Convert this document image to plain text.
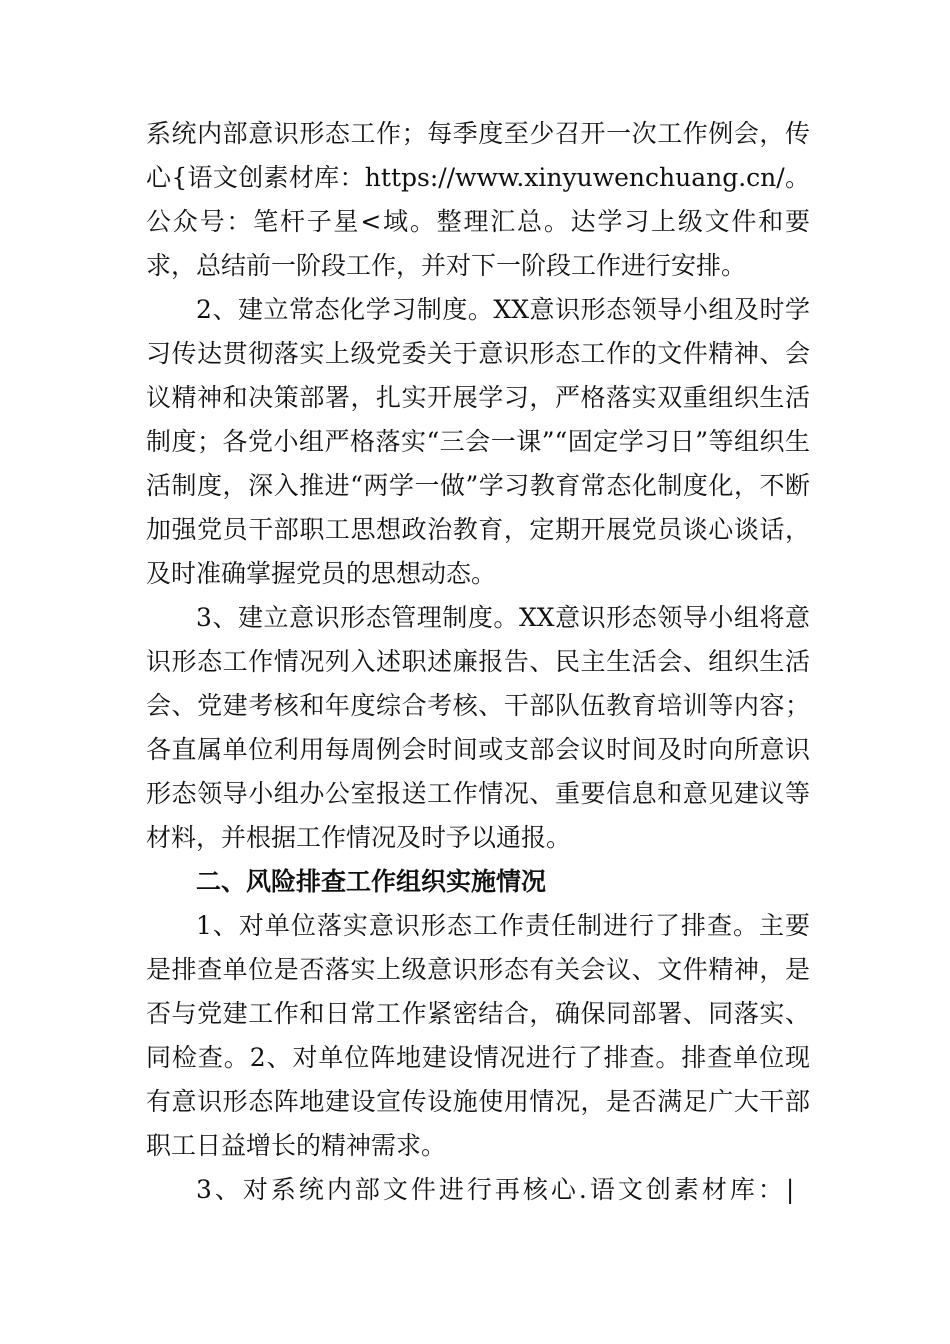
系统内部意识形态工作；每季度至少召开一次工作例会，传心{语文创素材库：https://www.xinyuwenchuang.cn/。公众号：笔杆子星<域。整理汇总。达学习上级文件和要求，总结前一阶段工作，并对下一阶段工作进行安排。

2、建立常态化学习制度。XX意识形态领导小组及时学习传达贯彻落实上级党委关于意识形态工作的文件精神、会议精神和决策部署，扎实开展学习，严格落实双重组织生活制度；各党小组严格落实“三会一课”“固定学习日”等组织生活制度，深入推进“两学一做”学习教育常态化制度化，不断加强党员干部职工思想政治教育，定期开展党员谈心谈话，及时准确掌握党员的思想动态。

3、建立意识形态管理制度。XX意识形态领导小组将意识形态工作情况列入述职述廉报告、民主生活会、组织生活会、党建考核和年度综合考核、干部队伍教育培训等内容；各直属单位利用每周例会时间或支部会议时间及时向所意识形态领导小组办公室报送工作情况、重要信息和意见建议等材料，并根据工作情况及时予以通报。

二、风险排查工作组织实施情况

1、对单位落实意识形态工作责任制进行了排查。主要是排查单位是否落实上级意识形态有关会议、文件精神，是否与党建工作和日常工作紧密结合，确保同部署、同落实、同检查。2、对单位阵地建设情况进行了排查。排查单位现有意识形态阵地建设宣传设施使用情况，是否满足广大干部职工日益增长的精神需求。

3、对系统内部文件进行再核心.语文创素材库：|
